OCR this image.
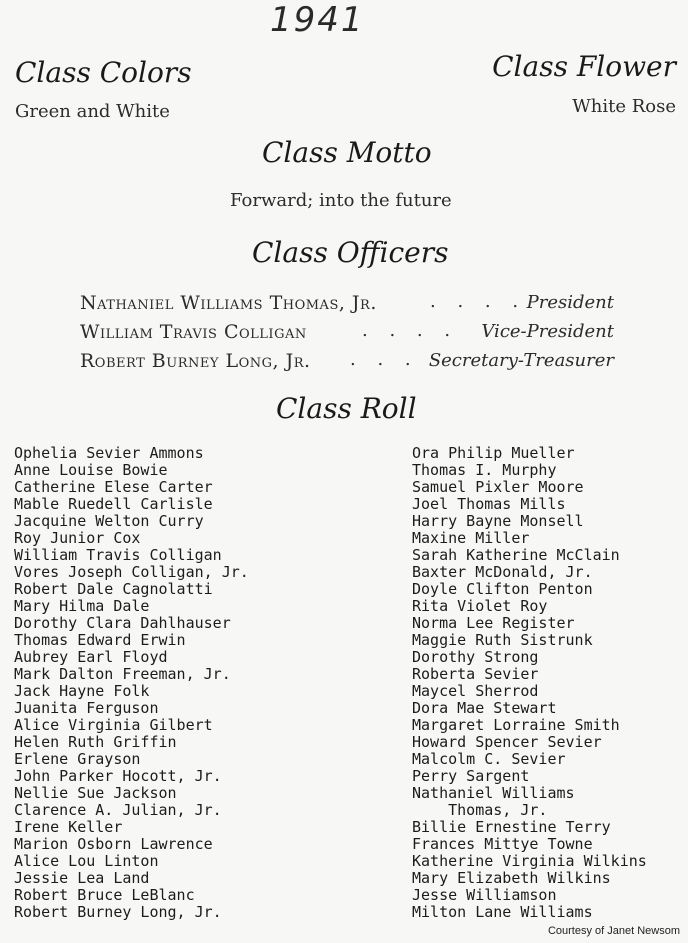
1941
Class Colors
Green and White
Class Flower
White Rose
Class Motto
Forward; into the future
Class Officers
Nathaniel Williams Thomas, Jr.	. . . . President
William Travis Colligan	. . . . Vice-President
Robert Burney Long, Jr. . . . Secretary-Treasurer
Class Roll
Ophelia Sevier Ammons
Anne Louise Bowie
Catherine Elese Carter
Mable Ruedell Carlisle
Jacquine Welton Curry
Roy Junior Cox
William Travis Colligan
Vores Joseph Colligan, Jr.
Robert Dale Cagnolatti
Mary Hilma Dale
Dorothy Clara Dahlhauser
Thomas Edward Erwin
Aubrey Earl Floyd
Mark Dalton Freeman, Jr.
Jack Hayne Folk
Juanita Ferguson
Alice Virginia Gilbert
Helen Ruth Griffin
Erlene Grayson
John Parker Hocott, Jr.
Nellie Sue Jackson
Clarence A. Julian, Jr.
Irene Keller
Marion Osborn Lawrence
Alice Lou Linton
Jessie Lea Land
Robert Bruce LeBlanc
Robert Burney Long, Jr.
Ora Philip Mueller
Thomas I. Murphy
Samuel Pixler Moore
Joel Thomas Mills
Harry Bayne Monsell
Maxine Miller
Sarah Katherine McClain
Baxter McDonald, Jr.
Doyle Clifton Penton
Rita Violet Roy
Norma Lee Register
Maggie Ruth Sistrunk
Dorothy Strong
Roberta Sevier
Maycel Sherrod
Dora Mae Stewart
Margaret Lorraine Smith
Howard Spencer Sevier
Malcolm C. Sevier
Perry Sargent
Nathaniel Williams
Thomas, Jr.
Billie Ernestine Terry
Frances Mittye Towne
Katherine Virginia Wilkins
Mary Elizabeth Wilkins
Jesse Williamson
Milton Lane Williams
Courtesy of Janet Newsom
